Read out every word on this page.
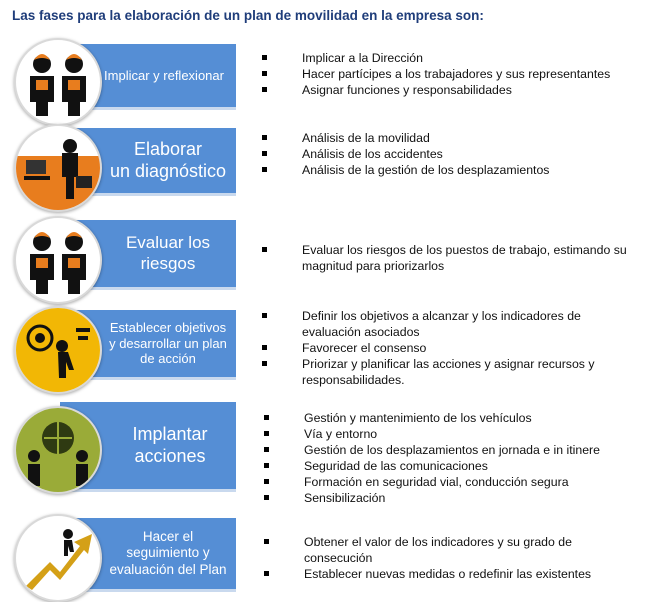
Las fases para la elaboración de un plan de movilidad en la empresa son:
Implicar y reflexionar
Implicar a la Dirección
Hacer partícipes a los trabajadores y sus representantes
Asignar funciones y responsabilidades
Elaborar
un diagnóstico
Análisis de la movilidad
Análisis de los accidentes
Análisis de la gestión de los desplazamientos
Evaluar los
riesgos
Evaluar los riesgos de los puestos de trabajo, estimando su magnitud para priorizarlos
Establecer objetivos
y desarrollar un plan
de acción
Definir los objetivos a alcanzar y los indicadores de evaluación asociados
Favorecer el consenso
Priorizar y planificar las acciones y asignar recursos y responsabilidades.
Implantar
acciones
Gestión y mantenimiento de los vehículos
Vía y entorno
Gestión de los desplazamientos en jornada e in itinere
Seguridad de las comunicaciones
Formación en seguridad vial, conducción segura
Sensibilización
Hacer el
seguimiento y
evaluación del Plan
Obtener el valor de los indicadores y su grado de consecución
Establecer nuevas medidas o redefinir las existentes
